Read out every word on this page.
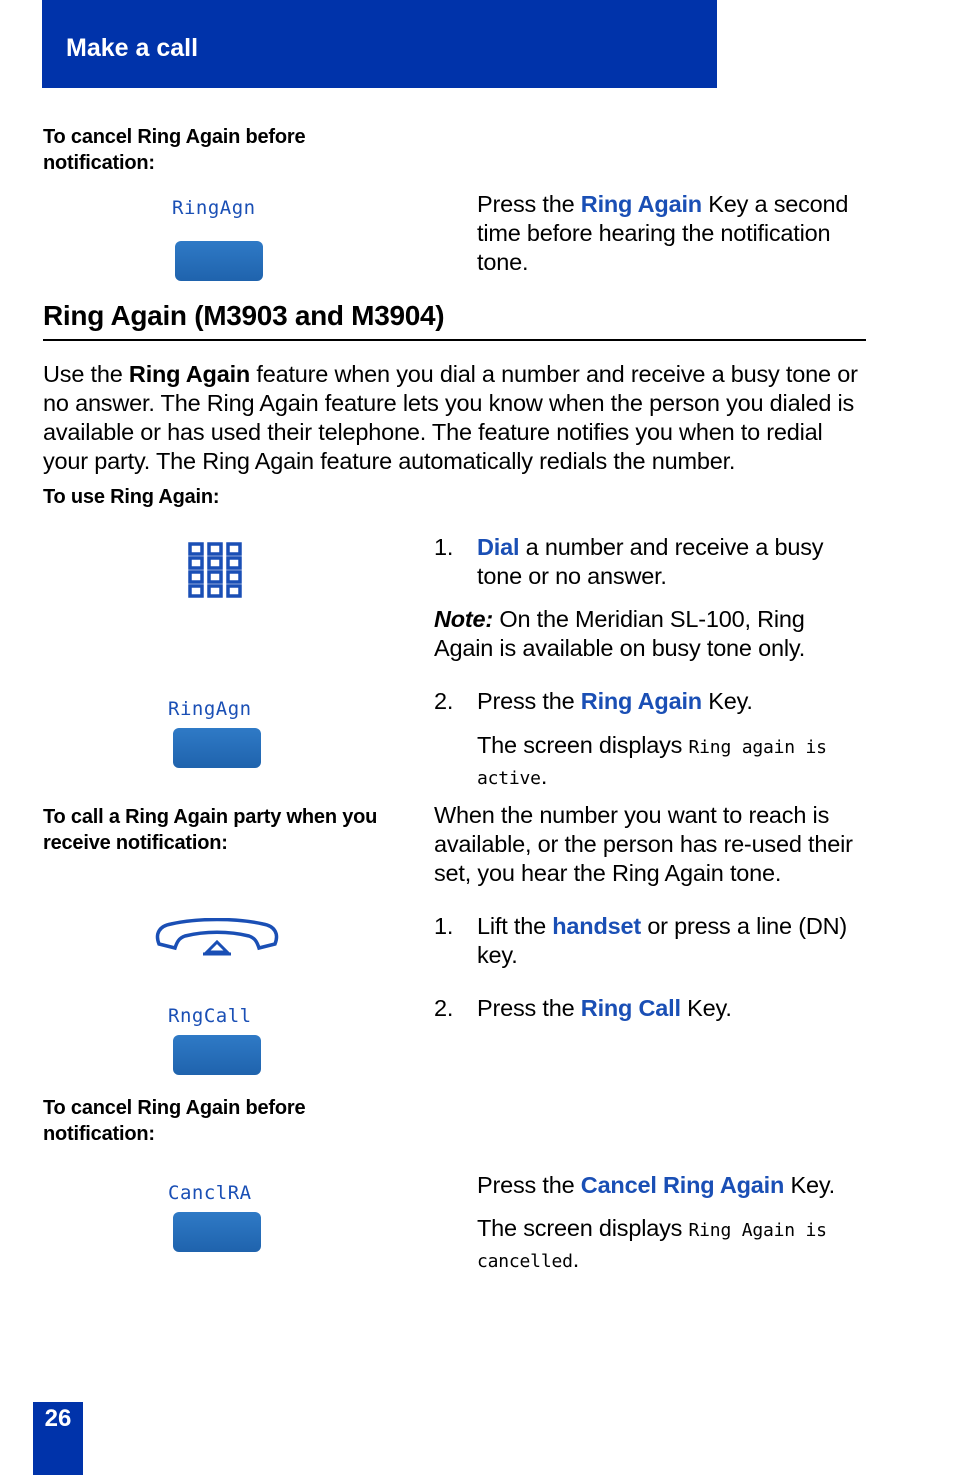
Make a call
To cancel Ring Again before notification:
RingAgn	Press the Ring Again Key a second time before hearing the notification tone.
Ring Again (M3903 and M3904)
Use the Ring Again feature when you dial a number and receive a busy tone or no answer. The Ring Again feature lets you know when the person you dialed is available or has used their telephone. The feature notifies you when to redial your party. The Ring Again feature automatically redials the number.
To use Ring Again:
1. Dial a number and receive a busy tone or no answer.
Note: On the Meridian SL-100, Ring Again is available on busy tone only.
RingAgn	2. Press the Ring Again Key.
The screen displays Ring again is active.
To call a Ring Again party when you receive notification:
When the number you want to reach is available, or the person has re-used their set, you hear the Ring Again tone.
1. Lift the handset or press a line (DN) key.
RngCall	2. Press the Ring Call Key.
To cancel Ring Again before notification:
CanclRA	Press the Cancel Ring Again Key.
The screen displays Ring Again is cancelled.
26
